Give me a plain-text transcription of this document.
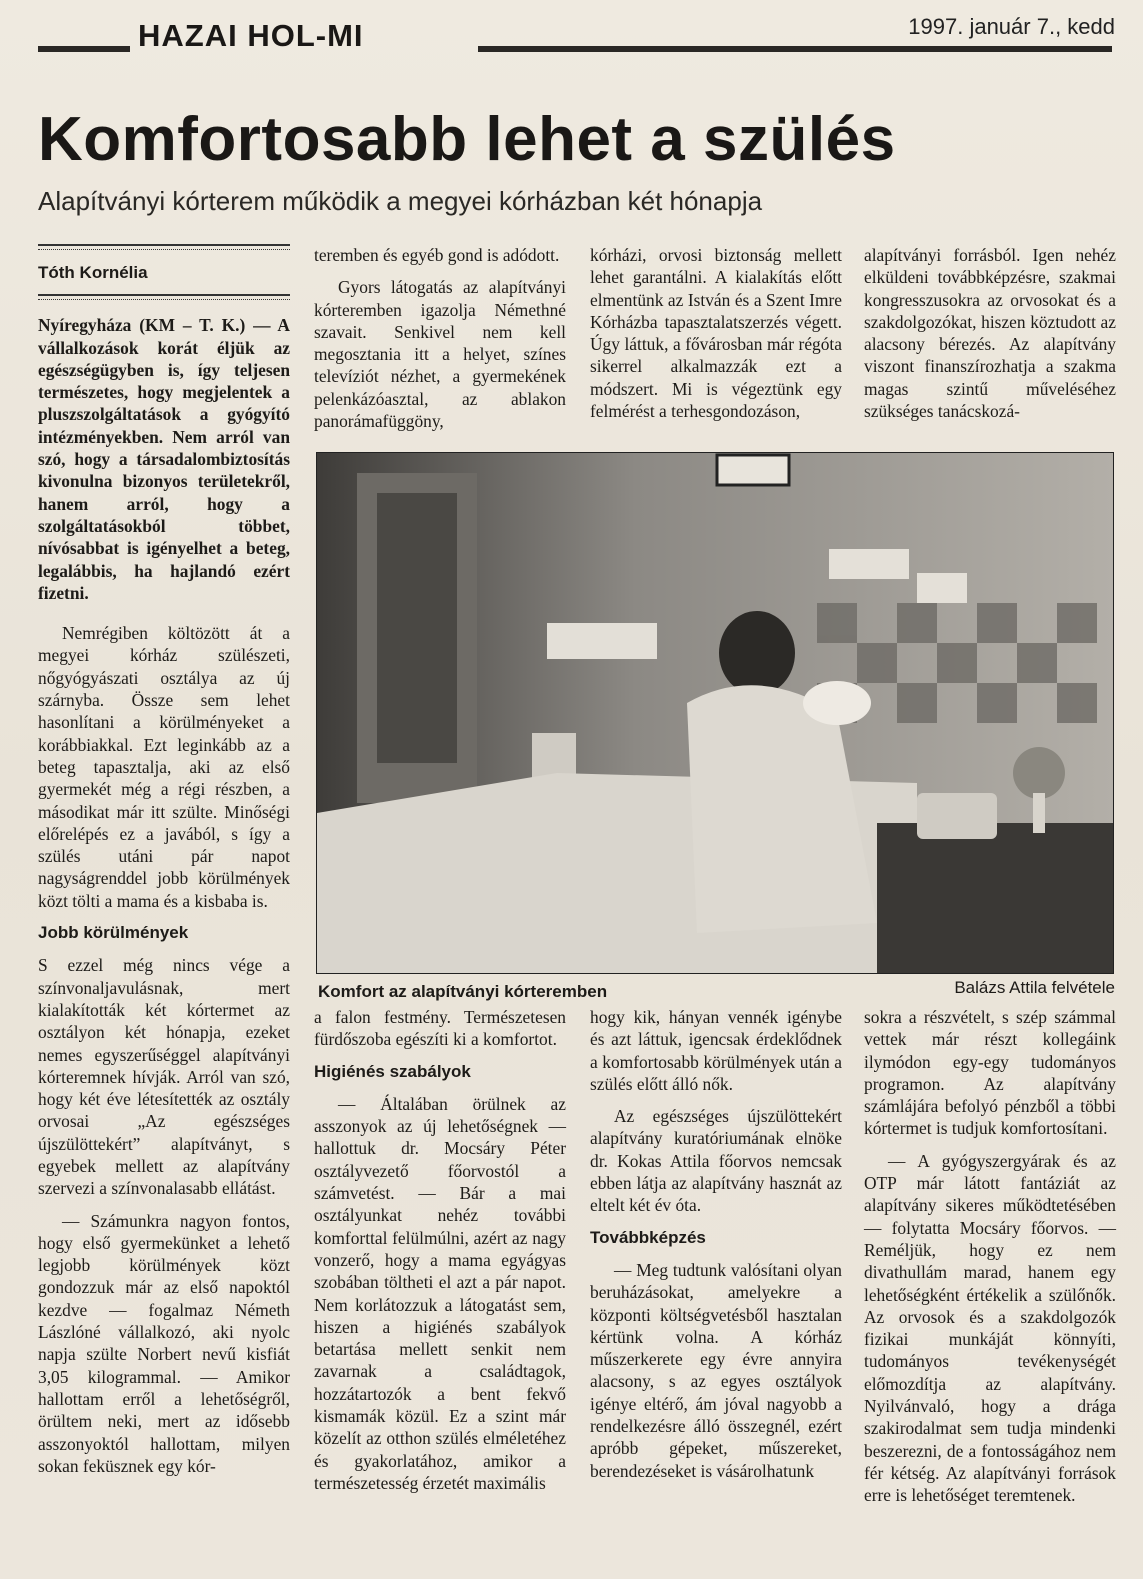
HAZAI HOL-MI	1997. január 7., kedd
Komfortosabb lehet a szülés
Alapítványi kórterem működik a megyei kórházban két hónapja
Tóth Kornélia

Nyíregyháza (KM – T. K.) — A vállalkozások korát éljük az egészségügyben is, így teljesen természetes, hogy megjelentek a pluszszolgáltatások a gyógyító intézményekben. Nem arról van szó, hogy a társadalombiztosítás kivonulna bizonyos területekről, hanem arról, hogy a szolgáltatásokból többet, nívósabbat is igényelhet a beteg, legalábbis, ha hajlandó ezért fizetni.

Nemrégiben költözött át a megyei kórház szülészeti, nőgyógyászati osztálya az új szárnyba. Össze sem lehet hasonlítani a körülményeket a korábbiakkal. Ezt leginkább az a beteg tapasztalja, aki az első gyermekét még a régi részben, a másodikat már itt szülte. Minőségi előrelépés ez a javából, s így a szülés utáni pár napot nagyságrenddel jobb körülmények közt tölti a mama és a kisbaba is.

Jobb körülmények

S ezzel még nincs vége a színvonaljavulásnak, mert kialakították két kórtermet az osztályon két hónapja, ezeket nemes egyszerűséggel alapítványi kórteremnek hívják. Arról van szó, hogy két éve létesítették az osztály orvosai „Az egészséges újszülöttekért” alapítványt, s egyebek mellett az alapítvány szervezi a színvonalasabb ellátást.

— Számunkra nagyon fontos, hogy első gyermekünket a lehető legjobb körülmények közt gondozzuk már az első napoktól kezdve — fogalmaz Németh Lászlóné vállalkozó, aki nyolc napja szülte Norbert nevű kisfiát 3,05 kilogrammal. — Amikor hallottam erről a lehetőségről, örültem neki, mert az idősebb asszonyoktól hallottam, milyen sokan feküsznek egy kór-

teremben és egyéb gond is adódott.

Gyors látogatás az alapítványi kórteremben igazolja Némethné szavait. Senkivel nem kell megosztania itt a helyet, színes televíziót nézhet, a gyermekének pelenkázóasztal, az ablakon panorámafüggöny,

kórházi, orvosi biztonság mellett lehet garantálni. A kialakítás előtt elmentünk az István és a Szent Imre Kórházba tapasztalatszerzés végett. Úgy láttuk, a fővárosban már régóta sikerrel alkalmazzák ezt a módszert. Mi is végeztünk egy felmérést a terhesgondozáson,

alapítványi forrásból. Igen nehéz elküldeni továbbképzésre, szakmai kongresszusokra az orvosokat és a szakdolgozókat, hiszen köztudott az alacsony bérezés. Az alapítvány viszont finanszírozhatja a szakma magas szintű műveléséhez szükséges tanácskozá-

Komfort az alapítványi kórteremben	Balázs Attila felvétele

a falon festmény. Természetesen fürdőszoba egészíti ki a komfortot.

Higiénés szabályok

— Általában örülnek az asszonyok az új lehetőségnek — hallottuk dr. Mocsáry Péter osztályvezető főorvostól a számvetést. — Bár a mai osztályunkat nehéz további komforttal felülmúlni, azért az nagy vonzerő, hogy a mama egyágyas szobában töltheti el azt a pár napot. Nem korlátozzuk a látogatást sem, hiszen a higiénés szabályok betartása mellett senkit nem zavarnak a családtagok, hozzátartozók a bent fekvő kismamák közül. Ez a szint már közelít az otthon szülés elméletéhez és gyakorlatához, amikor a természetesség érzetét maximális

hogy kik, hányan vennék igénybe és azt láttuk, igencsak érdeklődnek a komfortosabb körülmények után a szülés előtt álló nők.

Az egészséges újszülöttekért alapítvány kuratóriumának elnöke dr. Kokas Attila főorvos nemcsak ebben látja az alapítvány hasznát az eltelt két év óta.

Továbbképzés

— Meg tudtunk valósítani olyan beruházásokat, amelyekre a központi költségvetésből hasztalan kértünk volna. A kórház műszerkerete egy évre annyira alacsony, s az egyes osztályok igénye eltérő, ám jóval nagyobb a rendelkezésre álló összegnél, ezért apróbb gépeket, műszereket, berendezéseket is vásárolhatunk

sokra a részvételt, s szép számmal vettek már részt kollegáink ilymódon egy-egy tudományos programon. Az alapítvány számlájára befolyó pénzből a többi kórtermet is tudjuk komfortosítani.

— A gyógyszergyárak és az OTP már látott fantáziát az alapítvány sikeres működtetésében — folytatta Mocsáry főorvos. — Reméljük, hogy ez nem divathullám marad, hanem egy lehetőségként értékelik a szülőnők. Az orvosok és a szakdolgozók fizikai munkáját könnyíti, tudományos tevékenységét előmozdítja az alapítvány. Nyilvánvaló, hogy a drága szakirodalmat sem tudja mindenki beszerezni, de a fontosságához nem fér kétség. Az alapítványi források erre is lehetőséget teremtenek.
